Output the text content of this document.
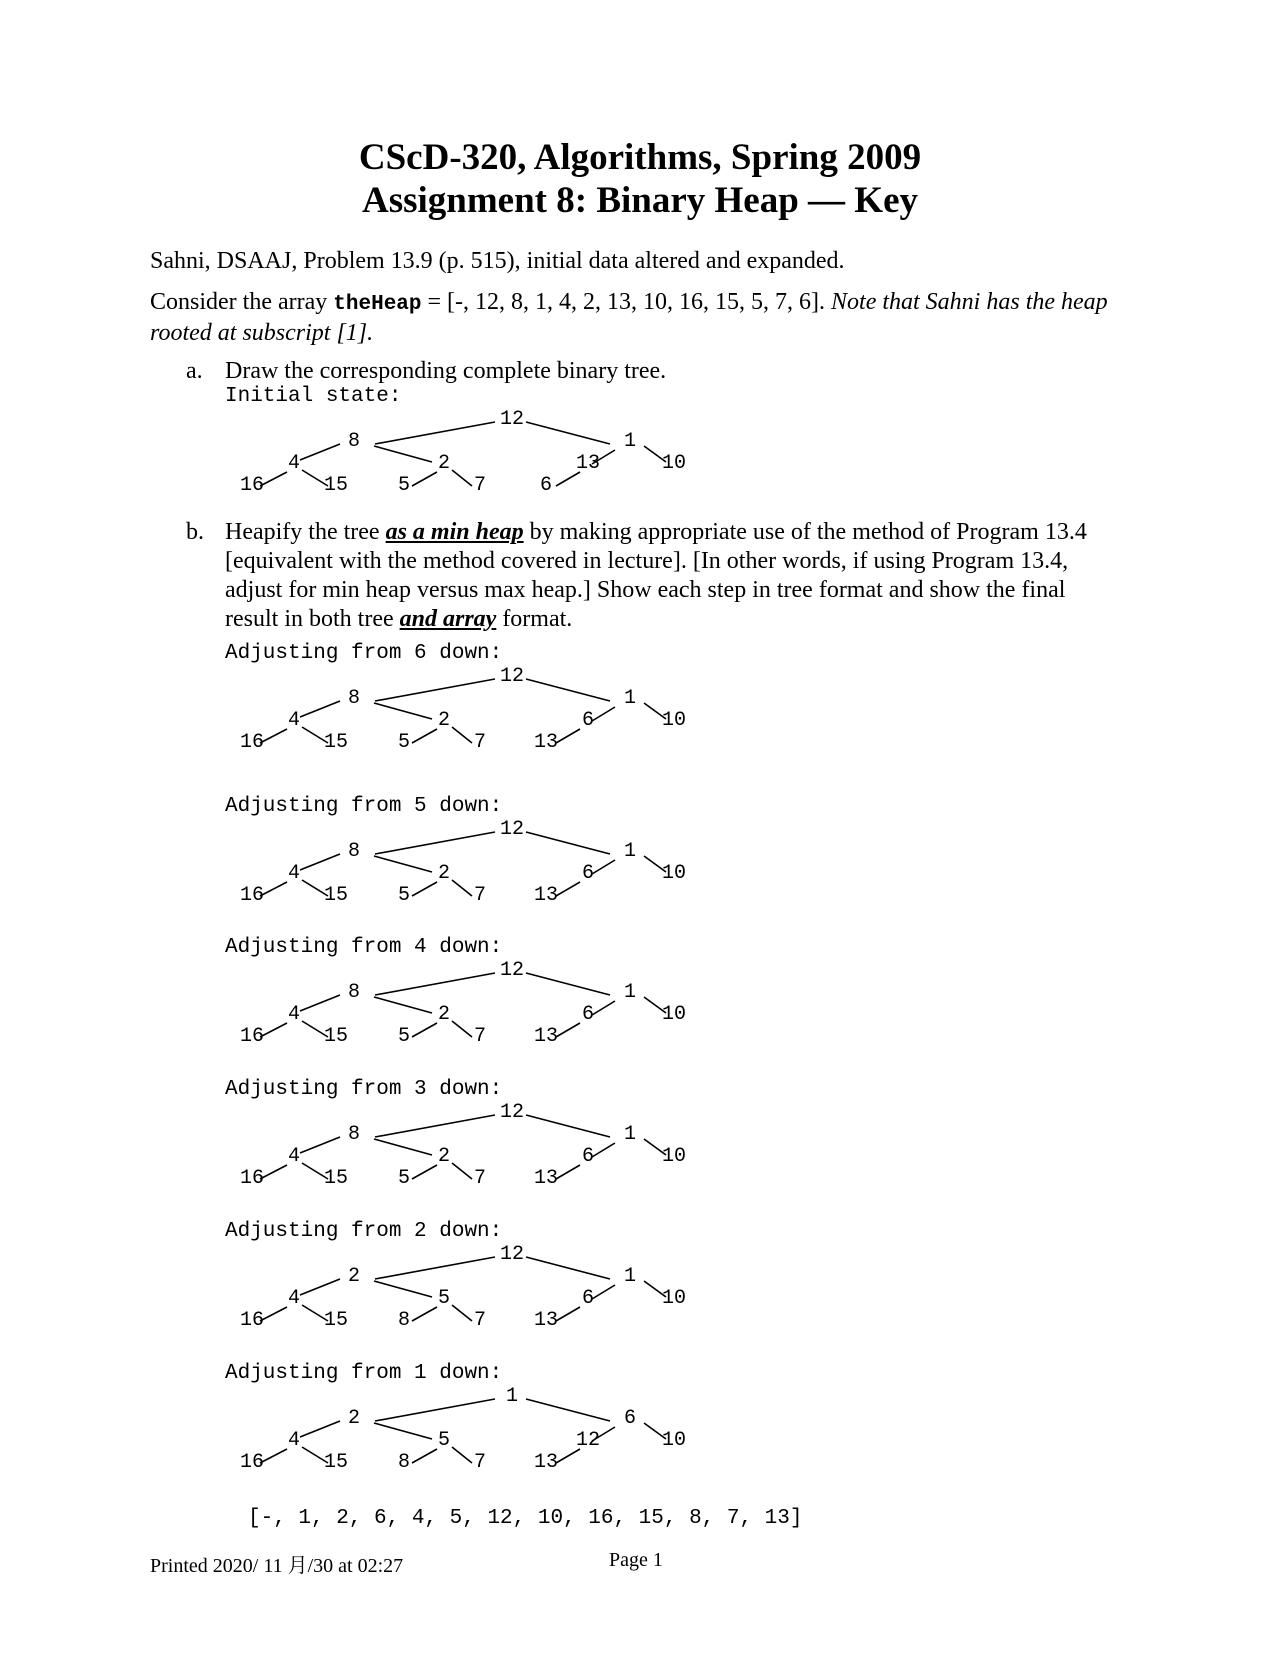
CScD-320, Algorithms, Spring 2009
Assignment 8: Binary Heap — Key
Sahni, DSAAJ, Problem 13.9 (p. 515), initial data altered and expanded.
Consider the array theHeap = [-, 12, 8, 1, 4, 2, 13, 10, 16, 15, 5, 7, 6]. Note that Sahni has the heap rooted at subscript [1].
a. Draw the corresponding complete binary tree.
b. Heapify the tree as a min heap by making appropriate use of the method of Program 13.4 [equivalent with the method covered in lecture]. [In other words, if using Program 13.4, adjust for min heap versus max heap.] Show each step in tree format and show the final result in both tree and array format.
Initial state:
12
8	1
4	2	13	10
16	15 5	7	6
Adjusting from 6 down:
12
8	1
4	2	6	10
16	15 5	7 13
Adjusting from 5 down:
12
8	1
4	2	6	10
16	15 5	7 13
Adjusting from 4 down:
12
8	1
4	2	6	10
16	15 5	7 13
Adjusting from 3 down:
12
8	1
4	2	6	10
16	15 5	7 13
Adjusting from 2 down:
12
2	1
4	5	6	10
16	15 8	7 13
Adjusting from 1 down:
1
2	6
4	5	12	10
16	15 8	7 13
[-, 1, 2, 6, 4, 5, 12, 10, 16, 15, 8, 7, 13]
Printed 2020/ 11 月/30 at 02:27	Page 1
